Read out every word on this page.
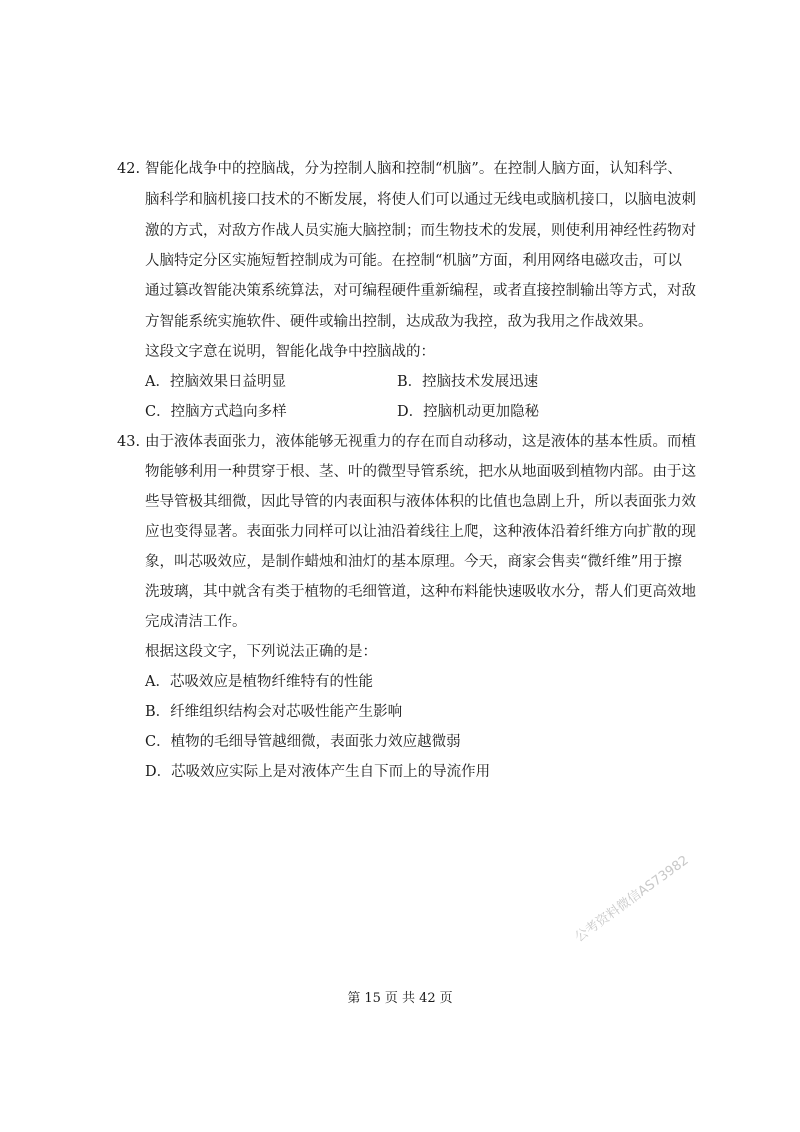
42. 智能化战争中的控脑战，分为控制人脑和控制“机脑”。在控制人脑方面，认知科学、
脑科学和脑机接口技术的不断发展，将使人们可以通过无线电或脑机接口，以脑电波刺
激的方式，对敌方作战人员实施大脑控制；而生物技术的发展，则使利用神经性药物对
人脑特定分区实施短暂控制成为可能。在控制“机脑”方面，利用网络电磁攻击，可以
通过篡改智能决策系统算法，对可编程硬件重新编程，或者直接控制输出等方式，对敌
方智能系统实施软件、硬件或输出控制，达成敌为我控，敌为我用之作战效果。
这段文字意在说明，智能化战争中控脑战的：
A．控脑效果日益明显	B．控脑技术发展迅速
C．控脑方式趋向多样	D．控脑机动更加隐秘
43. 由于液体表面张力，液体能够无视重力的存在而自动移动，这是液体的基本性质。而植
物能够利用一种贯穿于根、茎、叶的微型导管系统，把水从地面吸到植物内部。由于这
些导管极其细微，因此导管的内表面积与液体体积的比值也急剧上升，所以表面张力效
应也变得显著。表面张力同样可以让油沿着线往上爬，这种液体沿着纤维方向扩散的现
象，叫芯吸效应，是制作蜡烛和油灯的基本原理。今天，商家会售卖“微纤维”用于擦
洗玻璃，其中就含有类于植物的毛细管道，这种布料能快速吸收水分，帮人们更高效地
完成清洁工作。
根据这段文字，下列说法正确的是：
A．芯吸效应是植物纤维特有的性能
B．纤维组织结构会对芯吸性能产生影响
C．植物的毛细导管越细微，表面张力效应越微弱
D．芯吸效应实际上是对液体产生自下而上的导流作用
公考资料微信AS73982
第 15 页 共 42 页
